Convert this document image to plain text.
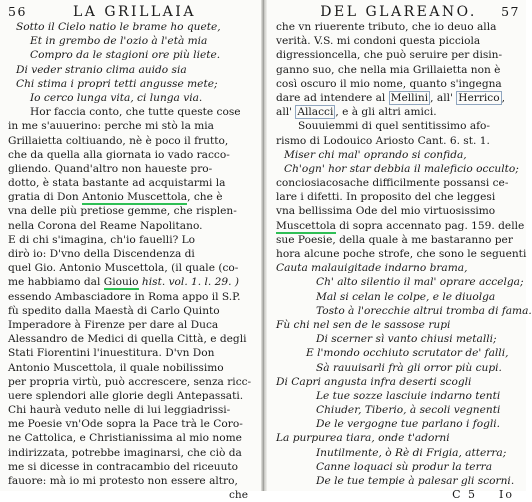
56	LA GRILLAIA
Sotto il Cielo natio le brame ho quete,
Et in grembo de l'ozio à l'età mia
Compro da le stagioni ore più liete.
Di veder stranio clima auido sia
Chi stima i propri tetti angusse mete;
Io cerco lunga vita, ci lunga via.
Hor faccia conto, che tutte queste cose
in me s'auuerino: perche mi stò la mia
Grillaietta coltiuando, nè è poco il frutto,
che da quella alla giornata io vado racco-
gliendo. Quand'altro non haueste pro-
dotto, è stata bastante ad acquistarmi la
gratia di Don Antonio Muscettola, che è
vna delle più pretiose gemme, che risplen-
nella Corona del Reame Napolitano.
E di chi s'imagina, ch'io fauelli? Lo
dirò io: D'vno della Discendenza di
quel Gio. Antonio Muscettola, (il quale (co-
me habbiamo dal Giouio hist. vol. 1. l. 29. )
essendo Ambasciadore in Roma appo il S.P.
fù spedito dalla Maestà di Carlo Quinto
Imperadore à Firenze per dare al Duca
Alessandro de Medici di quella Città, e degli
Stati Fiorentini l'inuestitura. D'vn Don
Antonio Muscettola, il quale nobilissimo
per propria virtù, può accrescere, senza ricc-
uere splendori alle glorie degli Antepassati.
Chi haurà veduto nelle di lui leggiadrissi-
me Poesie vn'Ode sopra la Pace trà le Coro-
ne Cattolica, e Christianissima al mio nome
indirizzata, potrebbe imaginarsi, che ciò da
me si dicesse in contracambio del riceuuto
fauore: mà io mi protesto non essere altro,
che
DEL GLAREANO. 57
che vn riuerente tributo, che io deuo alla
verità. V.S. mi condoni questa picciola
digressioncella, che può seruire per disin-
ganno suo, che nella mia Grillaietta non è
così oscuro il mio nome, quanto s'ingegna
dare ad intendere al Mellini , all' Herrico ,
all' Allacci , e à gli altri amici.
Souuiemmi di quel sentitissimo afo-
rismo di Lodouico Ariosto Cant. 6. st. 1.
Miser chi mal' oprando si confida,
Ch'ogn' hor star debbia il maleficio occulto;
conciosiacosache difficilmente possansi ce-
lare i difetti. In proposito del che leggesi
vna bellissima Ode del mio virtuosissimo
Muscettola di sopra accennato pag. 159. delle
sue Poesie, della quale à me bastaranno per
hora alcune poche strofe, che sono le seguenti
Cauta malauigitade indarno brama,
Ch' alto silentio il mal' oprare accelga;
Mal si celan le colpe, e le diuolga
Tosto à l'orecchie altrui tromba di fama.
Fù chi nel sen de le sassose rupi
Di scerner sì vanto chiusi metalli;
E l'mondo occhiuto scrutator de' falli,
Sà rauuisarli frà gli orror più cupi.
Di Capri angusta infra deserti scogli
Le tue sozze lasciuie indarno tenti
Chiuder, Tiberio, à secoli vegnenti
De le vergogne tue parlano i fogli.
La purpurea tiara, onde t'adorni
Inutilmente, ò Rè di Frigia, atterra;
Canne loquaci sù produr la terra
De le tue tempie à palesar gli scorni.
C 5 Io
